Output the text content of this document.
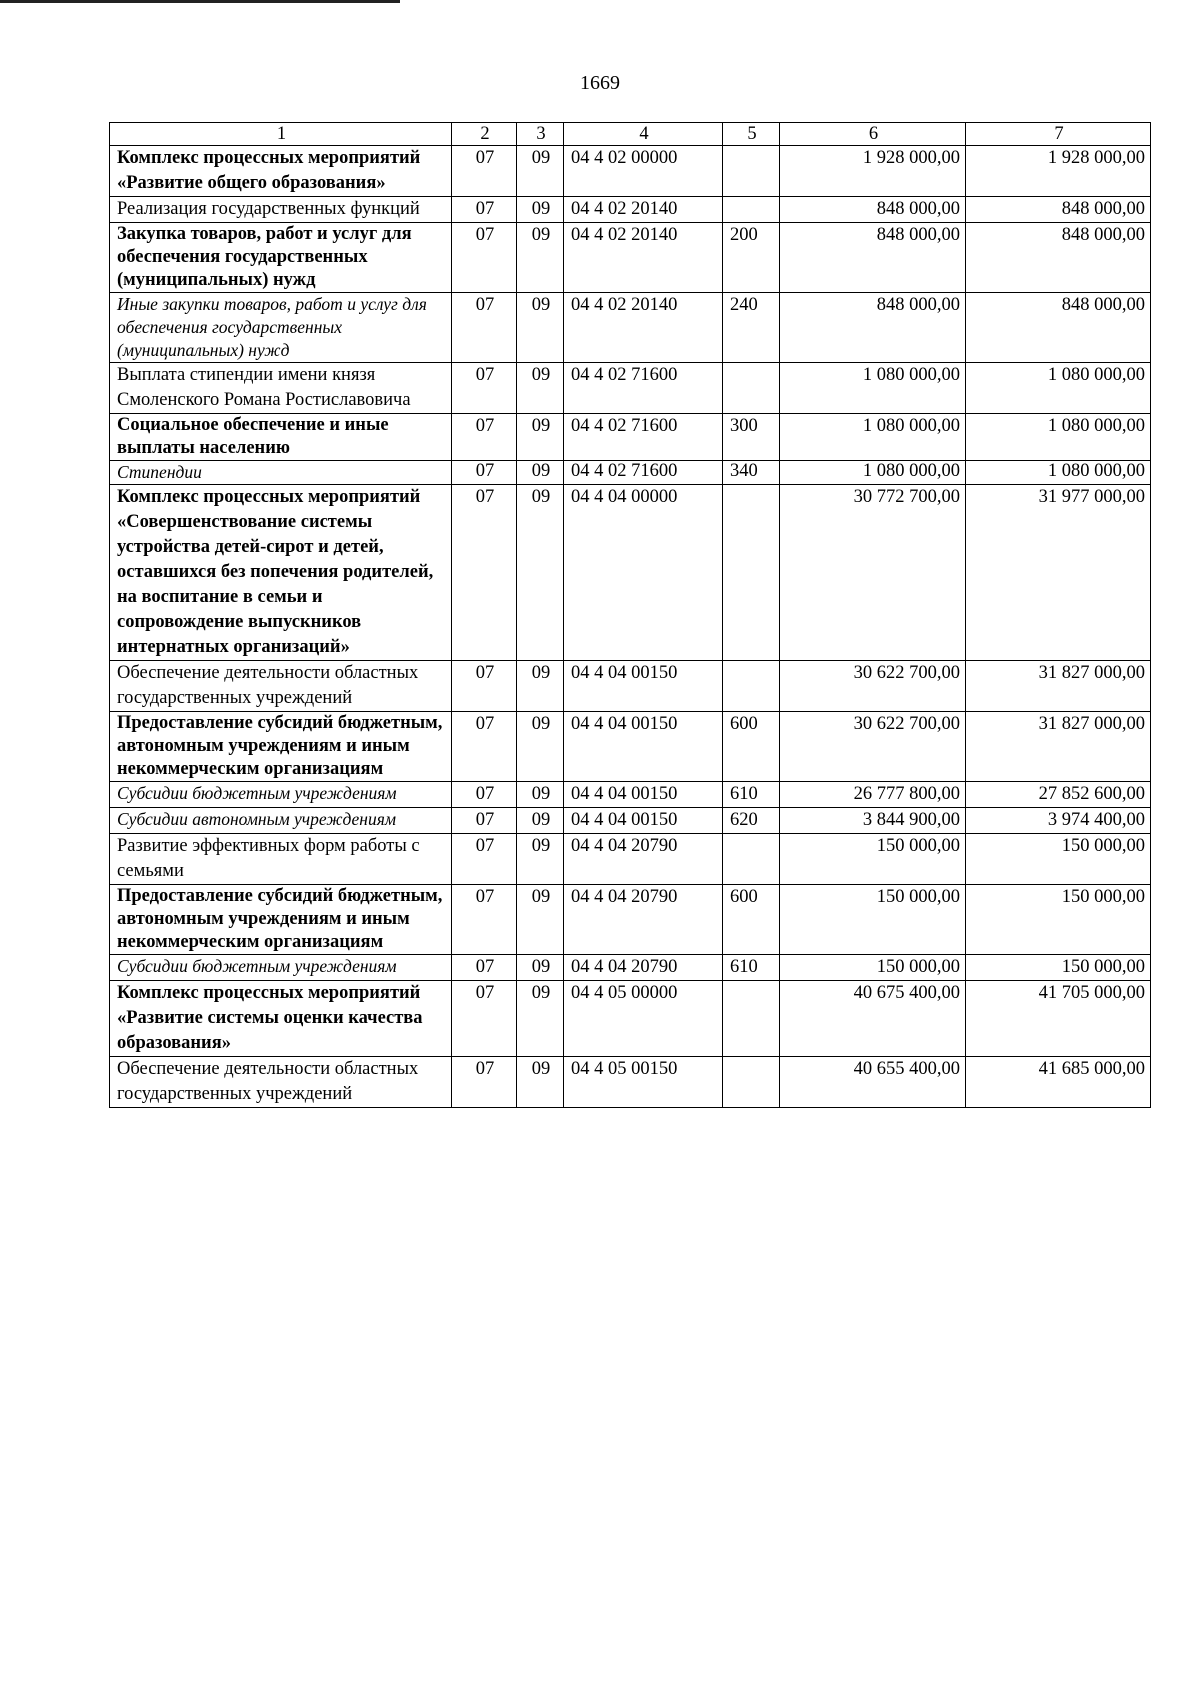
1669
1	2	3	4	5	6	7
Комплекс процессных мероприятий «Развитие общего образования»	07	09	04 4 02 00000		1 928 000,00	1 928 000,00
Реализация государственных функций	07	09	04 4 02 20140		848 000,00	848 000,00
Закупка товаров, работ и услуг для обеспечения государственных (муниципальных) нужд	07	09	04 4 02 20140	200	848 000,00	848 000,00
Иные закупки товаров, работ и услуг для обеспечения государственных (муниципальных) нужд	07	09	04 4 02 20140	240	848 000,00	848 000,00
Выплата стипендии имени князя Смоленского Романа Ростиславовича	07	09	04 4 02 71600		1 080 000,00	1 080 000,00
Социальное обеспечение и иные выплаты населению	07	09	04 4 02 71600	300	1 080 000,00	1 080 000,00
Стипендии	07	09	04 4 02 71600	340	1 080 000,00	1 080 000,00
Комплекс процессных мероприятий «Совершенствование системы устройства детей-сирот и детей, оставшихся без попечения родителей, на воспитание в семьи и сопровождение выпускников интернатных организаций»	07	09	04 4 04 00000		30 772 700,00	31 977 000,00
Обеспечение деятельности областных государственных учреждений	07	09	04 4 04 00150		30 622 700,00	31 827 000,00
Предоставление субсидий бюджетным, автономным учреждениям и иным некоммерческим организациям	07	09	04 4 04 00150	600	30 622 700,00	31 827 000,00
Субсидии бюджетным учреждениям	07	09	04 4 04 00150	610	26 777 800,00	27 852 600,00
Субсидии автономным учреждениям	07	09	04 4 04 00150	620	3 844 900,00	3 974 400,00
Развитие эффективных форм работы с семьями	07	09	04 4 04 20790		150 000,00	150 000,00
Предоставление субсидий бюджетным, автономным учреждениям и иным некоммерческим организациям	07	09	04 4 04 20790	600	150 000,00	150 000,00
Субсидии бюджетным учреждениям	07	09	04 4 04 20790	610	150 000,00	150 000,00
Комплекс процессных мероприятий «Развитие системы оценки качества образования»	07	09	04 4 05 00000		40 675 400,00	41 705 000,00
Обеспечение деятельности областных государственных учреждений	07	09	04 4 05 00150		40 655 400,00	41 685 000,00
